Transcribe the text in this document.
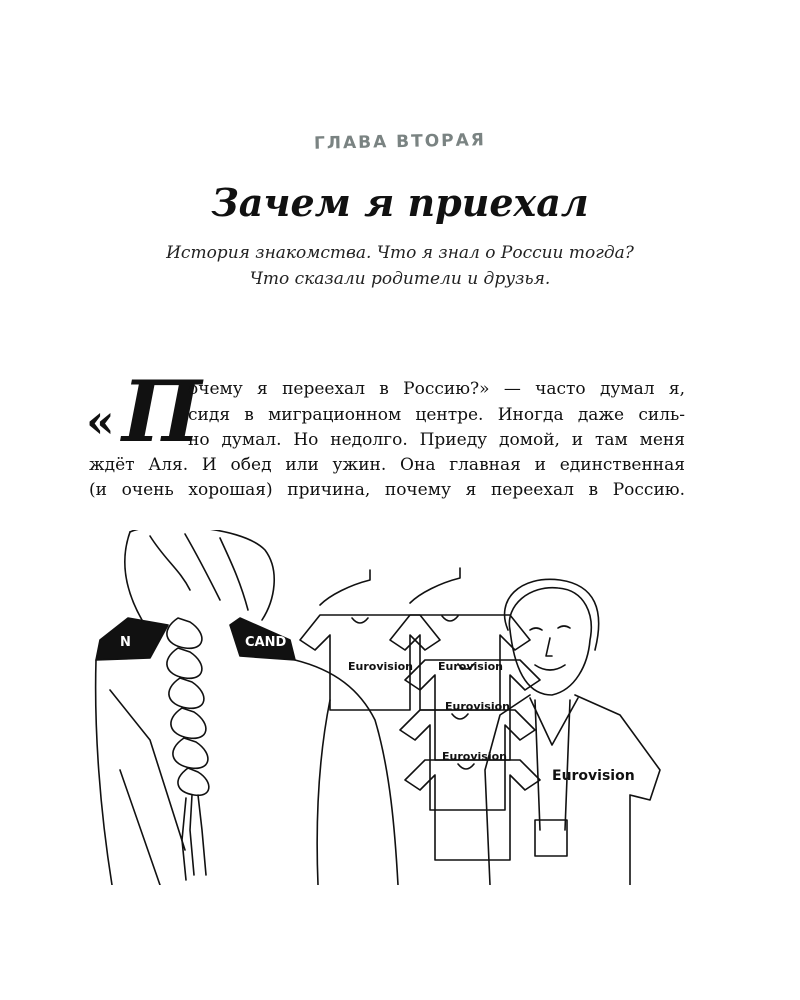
ГЛАВА ВТОРАЯ
Зачем я приехал
История знакомства. Что я знал о России тогда?
Что сказали родители и друзья.
« П
очему я переехал в Россию?» — часто думал я,
сидя в миграционном центре. Иногда даже силь-
но думал. Но недолго. Приеду домой, и там меня
ждёт Аля. И обед или ужин. Она главная и единственная
(и очень хорошая) причина, почему я переехал в Россию.
N	CAND
Eurovision Eurovision
Eurovision
Eurovision
Eurovision
